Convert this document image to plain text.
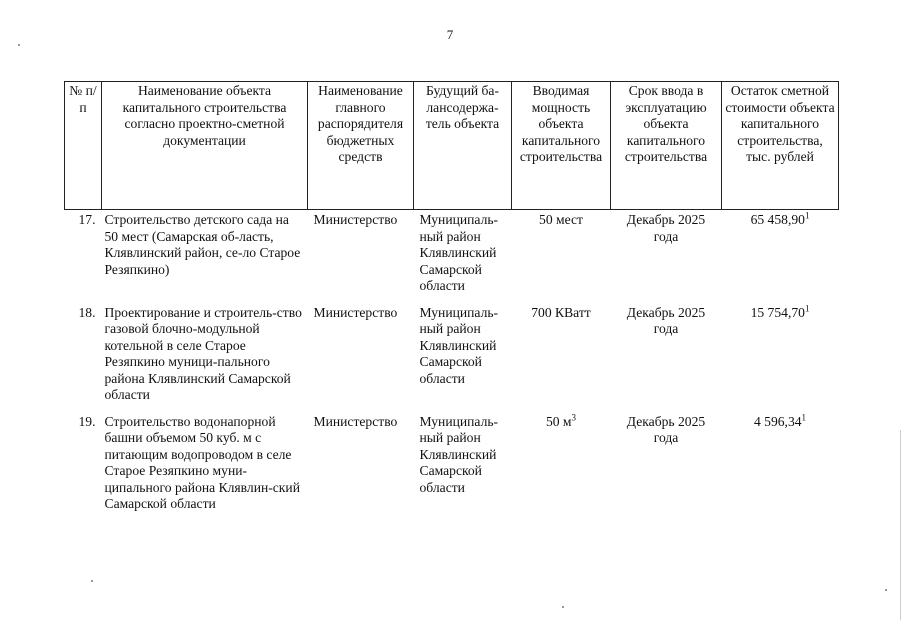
7
№ п/п	Наименование объекта капитального строительства согласно проектно-сметной документации	Наименование главного распорядителя бюджетных средств	Будущий ба-лансодержа-тель объекта	Вводимая мощность объекта капитального строительства	Срок ввода в эксплуатацию объекта капитального строительства	Остаток сметной стоимости объекта капитального строительства, тыс. рублей
17.	Строительство детского сада на 50 мест (Самарская об-ласть, Клявлинский район, се-ло Старое Резяпкино)	Министерство	Муниципаль-ный район Клявлинский Самарской области	50 мест	Декабрь 2025 года	65 458,90$^1$
18.	Проектирование и строитель-ство газовой блочно-модульной котельной в селе Старое Резяпкино муници-пального района Клявлинский Самарской области	Министерство	Муниципаль-ный район Клявлинский Самарской области	700 КВатт	Декабрь 2025 года	15 754,70$^1$
19.	Строительство водонапорной башни объемом 50 куб. м с питающим водопроводом в селе Старое Резяпкино муни-ципального района Клявлин-ский Самарской области	Министерство	Муниципаль-ный район Клявлинский Самарской области	50 $м^3$	Декабрь 2025 года	4 596,34$^1$
